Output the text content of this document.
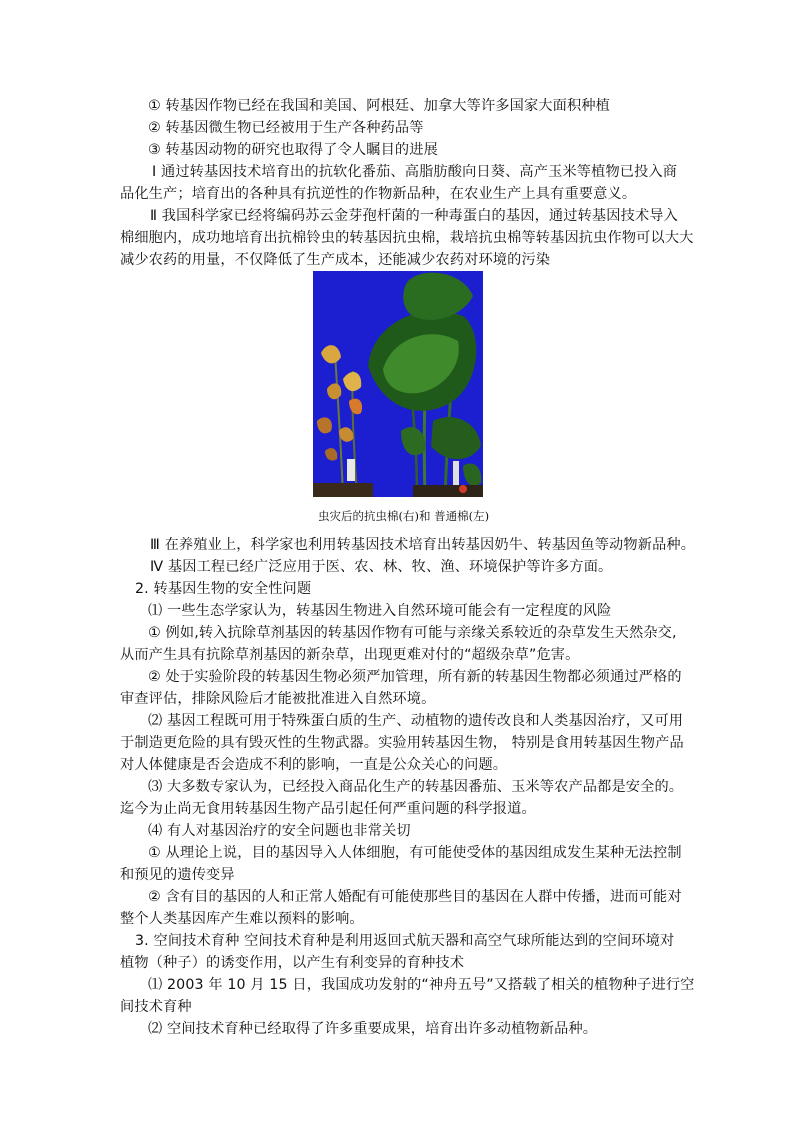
① 转基因作物已经在我国和美国、阿根廷、加拿大等许多国家大面积种植
② 转基因微生物已经被用于生产各种药品等
③ 转基因动物的研究也取得了令人瞩目的进展
Ⅰ 通过转基因技术培育出的抗软化番茄、高脂肪酸向日葵、高产玉米等植物已投入商
品化生产；培育出的各种具有抗逆性的作物新品种，在农业生产上具有重要意义。
Ⅱ 我国科学家已经将编码苏云金芽孢杆菌的一种毒蛋白的基因，通过转基因技术导入
棉细胞内，成功地培育出抗棉铃虫的转基因抗虫棉，栽培抗虫棉等转基因抗虫作物可以大大
减少农药的用量，不仅降低了生产成本，还能减少农药对环境的污染
虫灾后的抗虫棉(右)和 普通棉(左)
Ⅲ 在养殖业上，科学家也利用转基因技术培育出转基因奶牛、转基因鱼等动物新品种。
Ⅳ 基因工程已经广泛应用于医、农、林、牧、渔、环境保护等许多方面。
2. 转基因生物的安全性问题
⑴ 一些生态学家认为，转基因生物进入自然环境可能会有一定程度的风险
① 例如,转入抗除草剂基因的转基因作物有可能与亲缘关系较近的杂草发生天然杂交,
从而产生具有抗除草剂基因的新杂草，出现更难对付的“超级杂草”危害。
② 处于实验阶段的转基因生物必须严加管理，所有新的转基因生物都必须通过严格的
审查评估，排除风险后才能被批准进入自然环境。
⑵ 基因工程既可用于特殊蛋白质的生产、动植物的遗传改良和人类基因治疗，又可用
于制造更危险的具有毁灭性的生物武器。实验用转基因生物， 特别是食用转基因生物产品
对人体健康是否会造成不利的影响，一直是公众关心的问题。
⑶ 大多数专家认为，已经投入商品化生产的转基因番茄、玉米等农产品都是安全的。
迄今为止尚无食用转基因生物产品引起任何严重问题的科学报道。
⑷ 有人对基因治疗的安全问题也非常关切
① 从理论上说，目的基因导入人体细胞，有可能使受体的基因组成发生某种无法控制
和预见的遗传变异
② 含有目的基因的人和正常人婚配有可能使那些目的基因在人群中传播，进而可能对
整个人类基因库产生难以预料的影响。
3. 空间技术育种 空间技术育种是利用返回式航天器和高空气球所能达到的空间环境对
植物（种子）的诱变作用，以产生有利变异的育种技术
⑴ 2003 年 10 月 15 日，我国成功发射的“神舟五号”又搭载了相关的植物种子进行空
间技术育种
⑵ 空间技术育种已经取得了许多重要成果，培育出许多动植物新品种。
